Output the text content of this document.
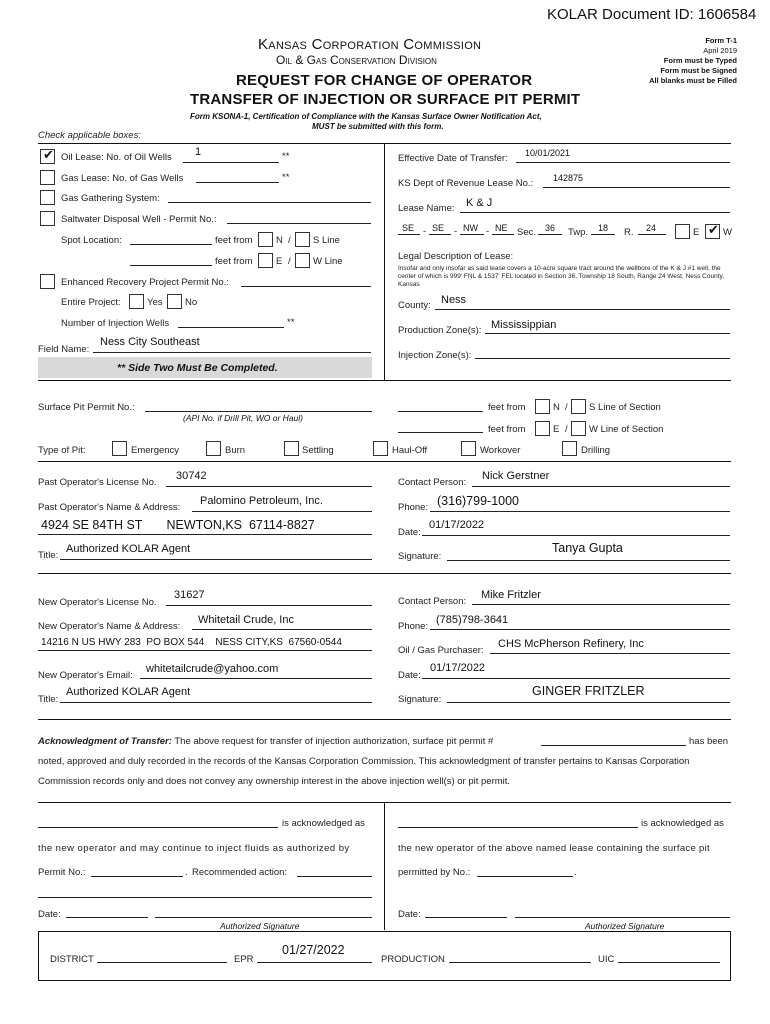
KOLAR Document ID: 1606584
Kansas Corporation Commission
Oil & Gas Conservation Division
REQUEST FOR CHANGE OF OPERATOR
TRANSFER OF INJECTION OR SURFACE PIT PERMIT
Form KSONA-1, Certification of Compliance with the Kansas Surface Owner Notification Act,
MUST be submitted with this form.
Form T-1
April 2019
Form must be Typed
Form must be Signed
All blanks must be Filled
Check applicable boxes:
✔
Oil Lease: No. of Oil Wells 1	**
Gas Lease: No. of Gas Wells	**
Gas Gathering System:
Saltwater Disposal Well - Permit No.:
Spot Location:	feet from N / S Line
feet from E / W Line
Enhanced Recovery Project Permit No.:
Entire Project:	Yes No
Number of Injection Wells	**
Field Name:
Ness City Southeast
** Side Two Must Be Completed.
Effective Date of Transfer: 10/01/2021
KS Dept of Revenue Lease No.: 142875
Lease Name: K & J
SE - SE - NW - NE Sec. 36 Twp. 18 R. 24	E
✔ W
Legal Description of Lease:
Insofar and only insofar as said lease covers a 10-acre square tract around the wellbore of the K & J #1 well, the center of which is 999' FNL & 1537' FEL located in Section 36, Township 18 South, Range 24 West, Ness County, Kansas
County: Ness
Production Zone(s): Mississippian
Injection Zone(s):
Surface Pit Permit No.:
(API No. if Drill Pit, WO or Haul)
feet from	N / S Line of Section
feet from	E / W Line of Section
Type of Pit:	Emergency	Burn	Settling	Haul-Off	Workover	Drilling
Past Operator's License No.
30742
Past Operator's Name & Address:
Palomino Petroleum, Inc.
4924 SE 84TH ST       NEWTON,KS  67114-8827
Title:
Authorized KOLAR Agent
Contact Person:
Nick Gerstner
Phone: (316)799-1000
Date:
01/17/2022
Signature:
Tanya Gupta
New Operator's License No.
31627
New Operator's Name & Address:
Whitetail Crude, Inc
14216 N US HWY 283  PO BOX 544    NESS CITY,KS  67560-0544
New Operator's Email:
whitetailcrude@yahoo.com
Title:
Authorized KOLAR Agent
Contact Person:
Mike Fritzler
Phone:
(785)798-3641
Oil / Gas Purchaser:
CHS McPherson Refinery, Inc
Date:
01/17/2022
Signature:
GINGER FRITZLER
Acknowledgment of Transfer: The above request for transfer of injection authorization, surface pit permit #	has been
noted, approved and duly recorded in the records of the Kansas Corporation Commission. This acknowledgment of transfer pertains to Kansas Corporation
Commission records only and does not convey any ownership interest in the above injection well(s) or pit permit.
is acknowledged as
the new operator and may continue to inject fluids as authorized by
Permit No.:	. Recommended action:
Date:
Authorized Signature
is acknowledged as
the new operator of the above named lease containing the surface pit
permitted by No.:	.
Date:
Authorized Signature
DISTRICT	EPR
01/27/2022
PRODUCTION	UIC
